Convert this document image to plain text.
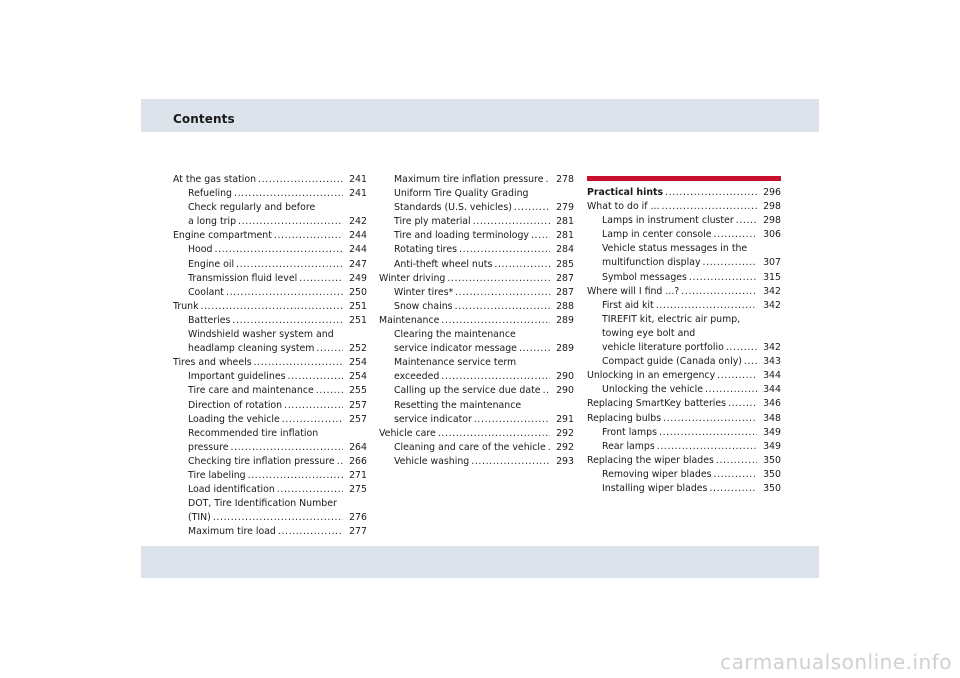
Contents
At the gas station .....	241
Refueling .....	241
Check regularly and before
a long trip .....	242
Engine compartment .....	244
Hood .....	244
Engine oil .....	247
Transmission fluid level .....	249
Coolant .....	250
Trunk .....	251
Batteries .....	251
Windshield washer system and
headlamp cleaning system .....	252
Tires and wheels .....	254
Important guidelines .....	254
Tire care and maintenance .....	255
Direction of rotation .....	257
Loading the vehicle .....	257
Recommended tire inflation
pressure .....	264
Checking tire inflation pressure .....	266
Tire labeling .....	271
Load identification .....	275
DOT, Tire Identification Number
(TIN) .....	276
Maximum tire load .....	277
Maximum tire inflation pressure .....	278
Uniform Tire Quality Grading
Standards (U.S. vehicles) .....	279
Tire ply material .....	281
Tire and loading terminology .....	281
Rotating tires .....	284
Anti-theft wheel nuts .....	285
Winter driving .....	287
Winter tires* .....	287
Snow chains .....	288
Maintenance .....	289
Clearing the maintenance
service indicator message .....	289
Maintenance service term
exceeded .....	290
Calling up the service due date .....	290
Resetting the maintenance
service indicator .....	291
Vehicle care .....	292
Cleaning and care of the vehicle .....	292
Vehicle washing .....	293
Practical hints .....	296
What to do if ... .....	298
Lamps in instrument cluster .....	298
Lamp in center console .....	306
Vehicle status messages in the
multifunction display .....	307
Symbol messages .....	315
Where will I find ...? .....	342
First aid kit .....	342
TIREFIT kit, electric air pump,
towing eye bolt and
vehicle literature portfolio .....	342
Compact guide (Canada only) .....	343
Unlocking in an emergency .....	344
Unlocking the vehicle .....	344
Replacing SmartKey batteries .....	346
Replacing bulbs .....	348
Front lamps .....	349
Rear lamps .....	349
Replacing the wiper blades .....	350
Removing wiper blades .....	350
Installing wiper blades .....	350
carmanualsonline.info
